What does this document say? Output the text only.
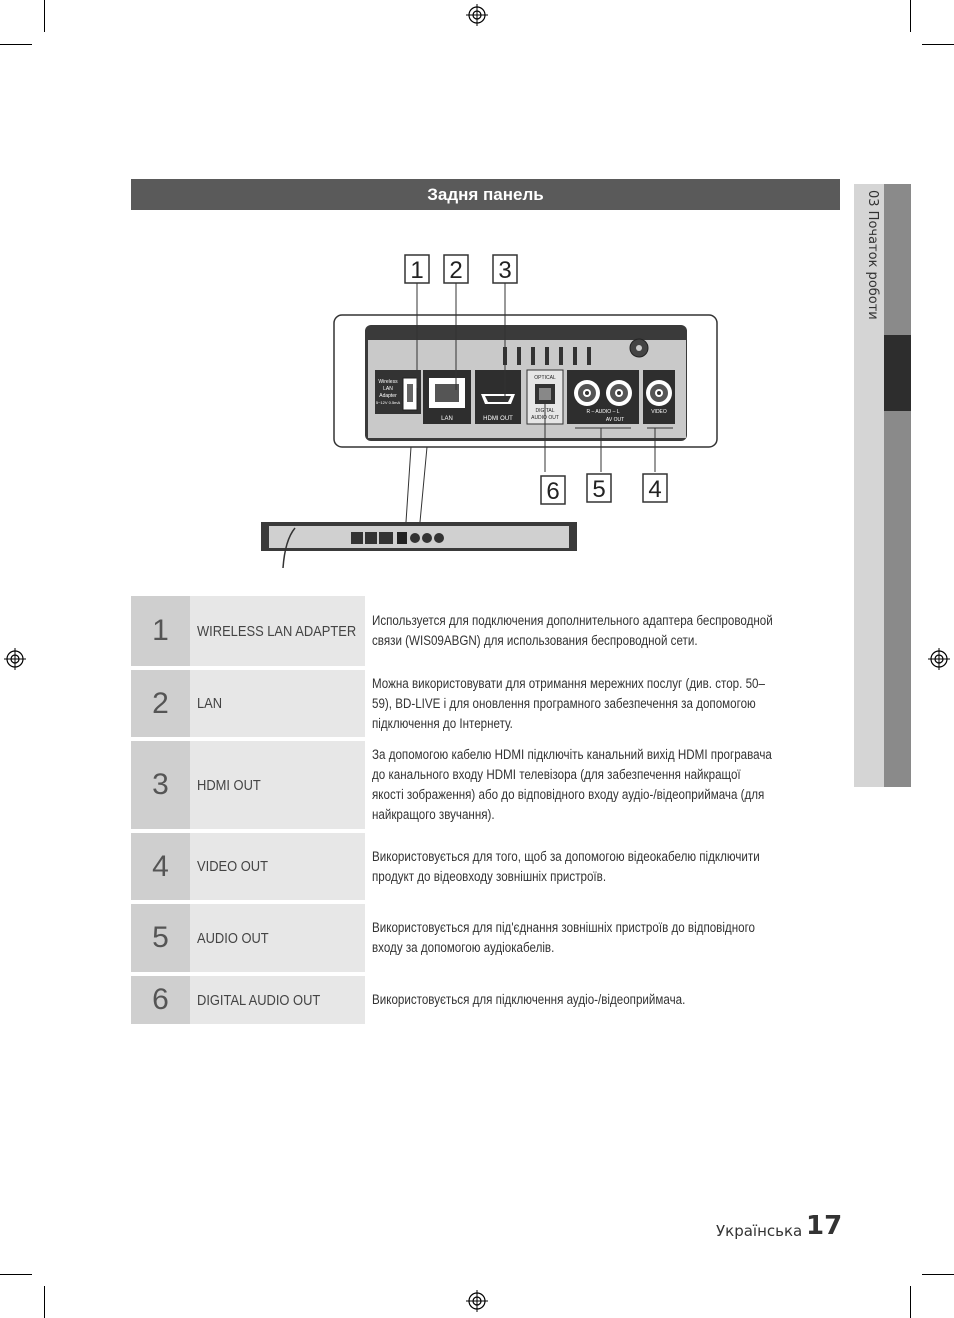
03 Початок роботи
Задня панель
1 2 3
Wireless
LAN
Adapter
5~12V 0.5mA
LAN	HDMI OUT
OPTICAL
DIGITAL
AUDIO OUT
R – AUDIO – L
AV OUT
VIDEO
6 5 4
1	WIRELESS LAN ADAPTER
Используется для подключения дополнительного адаптера беспроводной связи (WIS09ABGN) для использования беспроводной сети.
2	LAN
Можна використовувати для отримання мережних послуг (див. стор. 50–59), BD-LIVE і для оновлення програмного забезпечення за допомогою підключення до Інтернету.
3	HDMI OUT
За допомогою кабелю HDMI підключіть канальний вихід HDMI програвача до канального входу HDMI телевізора (для забезпечення найкращої якості зображення) або до відповідного входу аудіо-/відеоприймача (для найкращого звучання).
4	VIDEO OUT
Використовується для того, щоб за допомогою відеокабелю підключити продукт до відеовходу зовнішніх пристроїв.
5	AUDIO OUT
Використовується для під'єднання зовнішніх пристроїв до відповідного входу за допомогою аудіокабелів.
6	DIGITAL AUDIO OUT	Використовується для підключення аудіо-/відеоприймача.
Українська 17
